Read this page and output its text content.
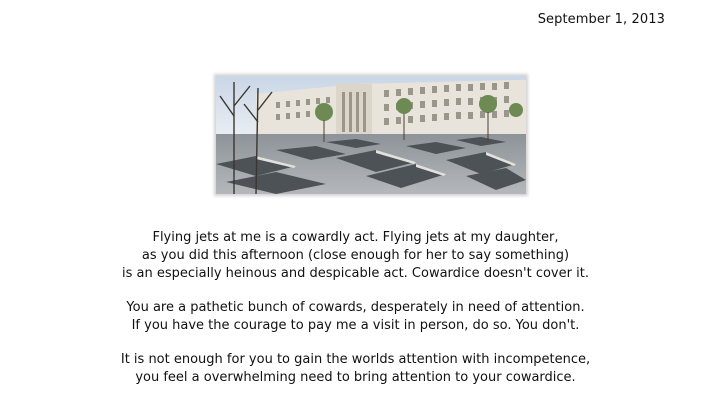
September 1, 2013
Flying jets at me is a cowardly act. Flying jets at my daughter,
as you did this afternoon (close enough for her to say something)
is an especially heinous and despicable act. Cowardice doesn't cover it.
You are a pathetic bunch of cowards, desperately in need of attention.
If you have the courage to pay me a visit in person, do so. You don't.
It is not enough for you to gain the worlds attention with incompetence,
you feel a overwhelming need to bring attention to your cowardice.
